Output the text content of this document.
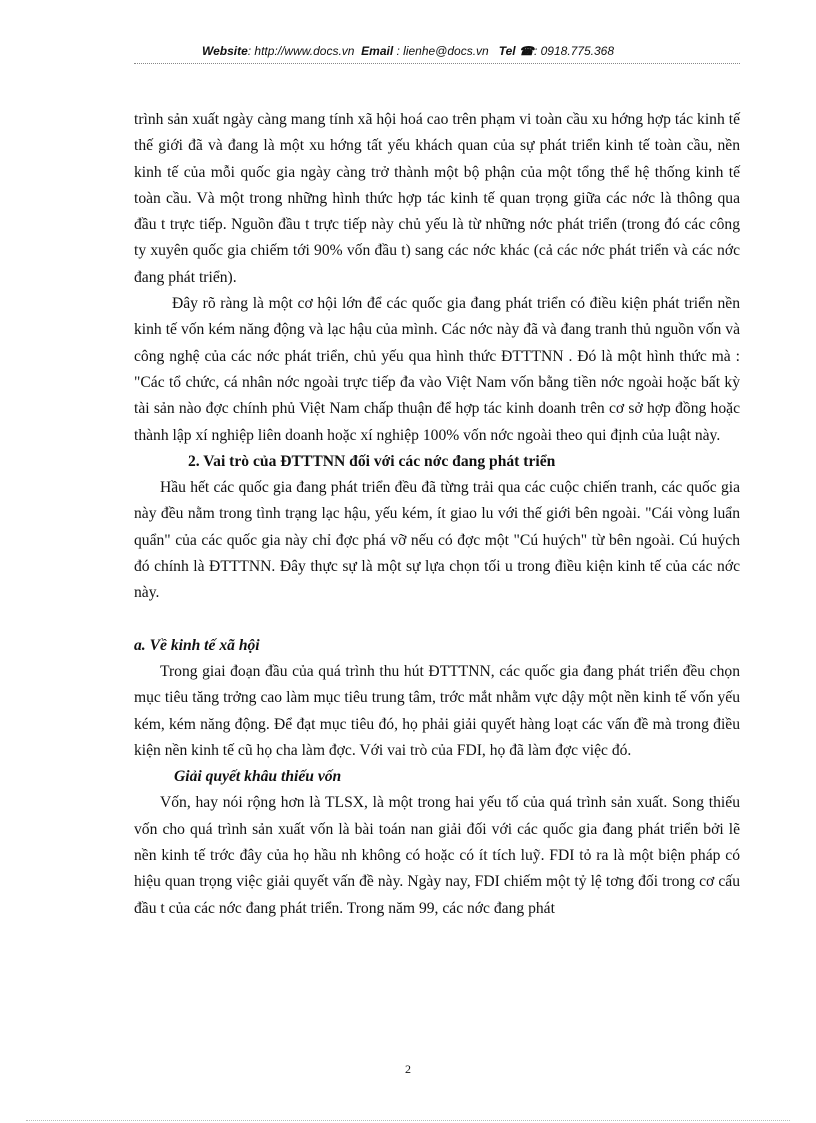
Website: http://www.docs.vn Email : lienhe@docs.vn Tel ☎: 0918.775.368

trình sản xuất ngày càng mang tính xã hội hoá cao trên phạm vi toàn cầu xu hớng hợp tác kinh tế thế giới đã và đang là một xu hớng tất yếu khách quan của sự phát triển kinh tế toàn cầu, nền kinh tế của mỗi quốc gia ngày càng trở thành một bộ phận của một tổng thể hệ thống kinh tế toàn cầu. Và một trong những hình thức hợp tác kinh tế quan trọng giữa các nớc là thông qua đầu t trực tiếp. Nguồn đầu t trực tiếp này chủ yếu là từ những nớc phát triển (trong đó các công ty xuyên quốc gia chiếm tới 90% vốn đầu t) sang các nớc khác (cả các nớc phát triển và các nớc đang phát triển).

Đây rõ ràng là một cơ hội lớn để các quốc gia đang phát triển có điều kiện phát triển nền kinh tế vốn kém năng động và lạc hậu của mình. Các nớc này đã và đang tranh thủ nguồn vốn và công nghệ của các nớc phát triển, chủ yếu qua hình thức ĐTTTNN . Đó là một hình thức mà : "Các tổ chức, cá nhân nớc ngoài trực tiếp đa vào Việt Nam vốn bằng tiền nớc ngoài hoặc bất kỳ tài sản nào đợc chính phủ Việt Nam chấp thuận để hợp tác kinh doanh trên cơ sở hợp đồng hoặc thành lập xí nghiệp liên doanh hoặc xí nghiệp 100% vốn nớc ngoài theo qui định của luật này.

2. Vai trò của ĐTTTNN đối với các nớc đang phát triển

Hầu hết các quốc gia đang phát triển đều đã từng trải qua các cuộc chiến tranh, các quốc gia này đều nằm trong tình trạng lạc hậu, yếu kém, ít giao lu với thế giới bên ngoài. "Cái vòng luẩn quẩn" của các quốc gia này chỉ đợc phá vỡ nếu có đợc một "Cú huých" từ bên ngoài. Cú huých đó chính là ĐTTTNN. Đây thực sự là một sự lựa chọn tối u trong điều kiện kinh tế của các nớc này.

a. Về kinh tế xã hội

Trong giai đoạn đầu của quá trình thu hút ĐTTTNN, các quốc gia đang phát triển đều chọn mục tiêu tăng trởng cao làm mục tiêu trung tâm, trớc mắt nhằm vực dậy một nền kinh tế vốn yếu kém, kém năng động. Để đạt mục tiêu đó, họ phải giải quyết hàng loạt các vấn đề mà trong điều kiện nền kinh tế cũ họ cha làm đợc. Với vai trò của FDI, họ đã làm đợc việc đó.

Giải quyết khâu thiếu vốn

Vốn, hay nói rộng hơn là TLSX, là một trong hai yếu tố của quá trình sản xuất. Song thiếu vốn cho quá trình sản xuất vốn là bài toán nan giải đối với các quốc gia đang phát triển bởi lẽ nền kinh tế trớc đây của họ hầu nh không có hoặc có ít tích luỹ. FDI tỏ ra là một biện pháp có hiệu quan trọng việc giải quyết vấn đề này. Ngày nay, FDI chiếm một tỷ lệ tơng đối trong cơ cấu đầu t của các nớc đang phát triển. Trong năm 99, các nớc đang phát

2
